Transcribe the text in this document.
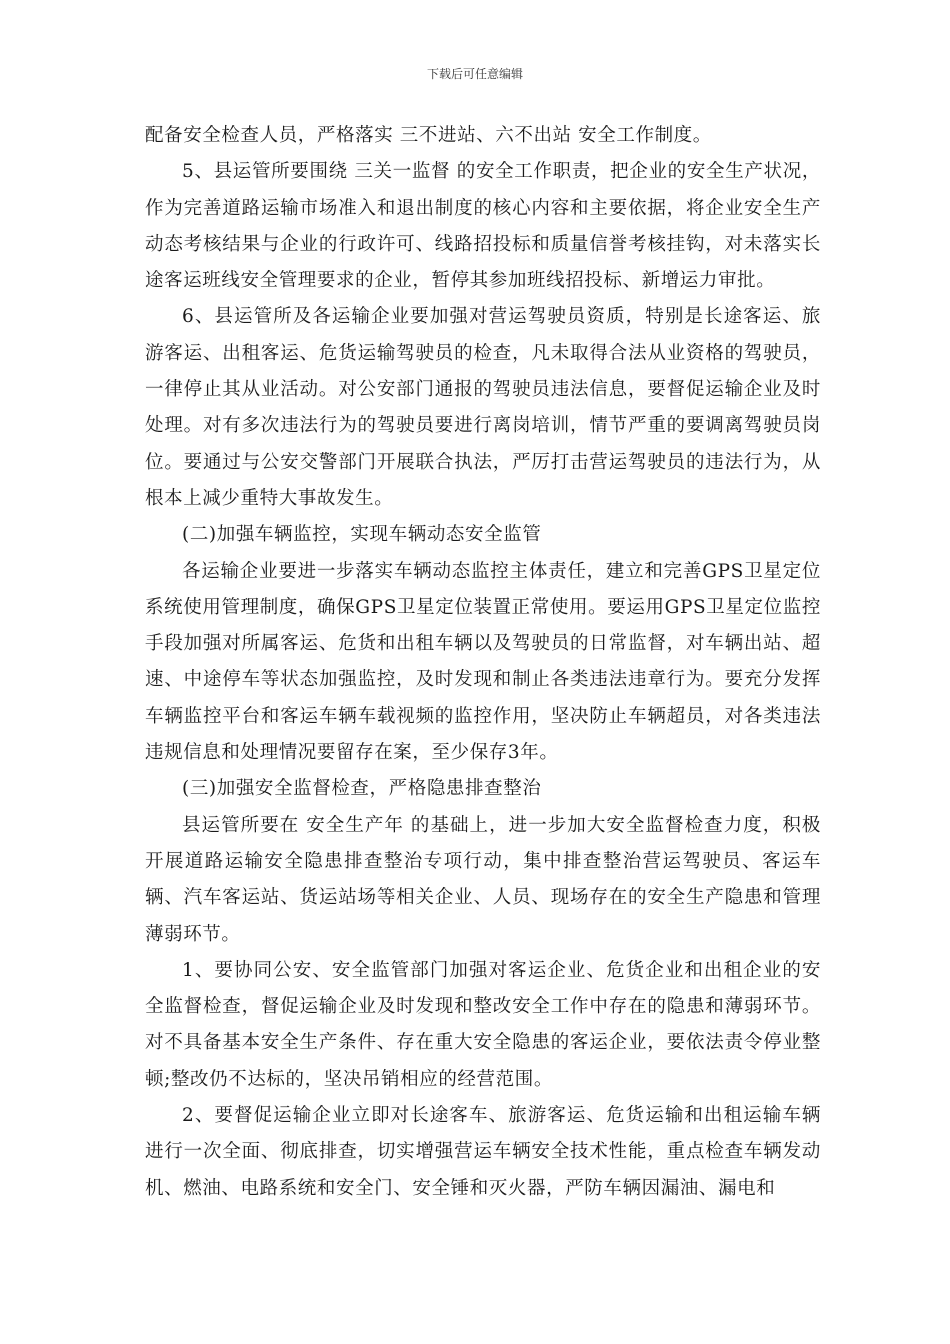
下载后可任意编辑

配备安全检查人员，严格落实 三不进站、六不出站 安全工作制度。

5、县运管所要围绕 三关一监督 的安全工作职责，把企业的安全生产状况，作为完善道路运输市场准入和退出制度的核心内容和主要依据，将企业安全生产动态考核结果与企业的行政许可、线路招投标和质量信誉考核挂钩，对未落实长途客运班线安全管理要求的企业，暂停其参加班线招投标、新增运力审批。

6、县运管所及各运输企业要加强对营运驾驶员资质，特别是长途客运、旅游客运、出租客运、危货运输驾驶员的检查，凡未取得合法从业资格的驾驶员，一律停止其从业活动。对公安部门通报的驾驶员违法信息，要督促运输企业及时处理。对有多次违法行为的驾驶员要进行离岗培训，情节严重的要调离驾驶员岗位。要通过与公安交警部门开展联合执法，严厉打击营运驾驶员的违法行为，从根本上减少重特大事故发生。

(二)加强车辆监控，实现车辆动态安全监管

各运输企业要进一步落实车辆动态监控主体责任，建立和完善GPS卫星定位系统使用管理制度，确保GPS卫星定位装置正常使用。要运用GPS卫星定位监控手段加强对所属客运、危货和出租车辆以及驾驶员的日常监督，对车辆出站、超速、中途停车等状态加强监控，及时发现和制止各类违法违章行为。要充分发挥车辆监控平台和客运车辆车载视频的监控作用，坚决防止车辆超员，对各类违法违规信息和处理情况要留存在案，至少保存3年。

(三)加强安全监督检查，严格隐患排查整治

县运管所要在 安全生产年 的基础上，进一步加大安全监督检查力度，积极开展道路运输安全隐患排查整治专项行动，集中排查整治营运驾驶员、客运车辆、汽车客运站、货运站场等相关企业、人员、现场存在的安全生产隐患和管理薄弱环节。

1、要协同公安、安全监管部门加强对客运企业、危货企业和出租企业的安全监督检查，督促运输企业及时发现和整改安全工作中存在的隐患和薄弱环节。对不具备基本安全生产条件、存在重大安全隐患的客运企业，要依法责令停业整顿;整改仍不达标的，坚决吊销相应的经营范围。

2、要督促运输企业立即对长途客车、旅游客运、危货运输和出租运输车辆进行一次全面、彻底排查，切实增强营运车辆安全技术性能，重点检查车辆发动机、燃油、电路系统和安全门、安全锤和灭火器，严防车辆因漏油、漏电和
